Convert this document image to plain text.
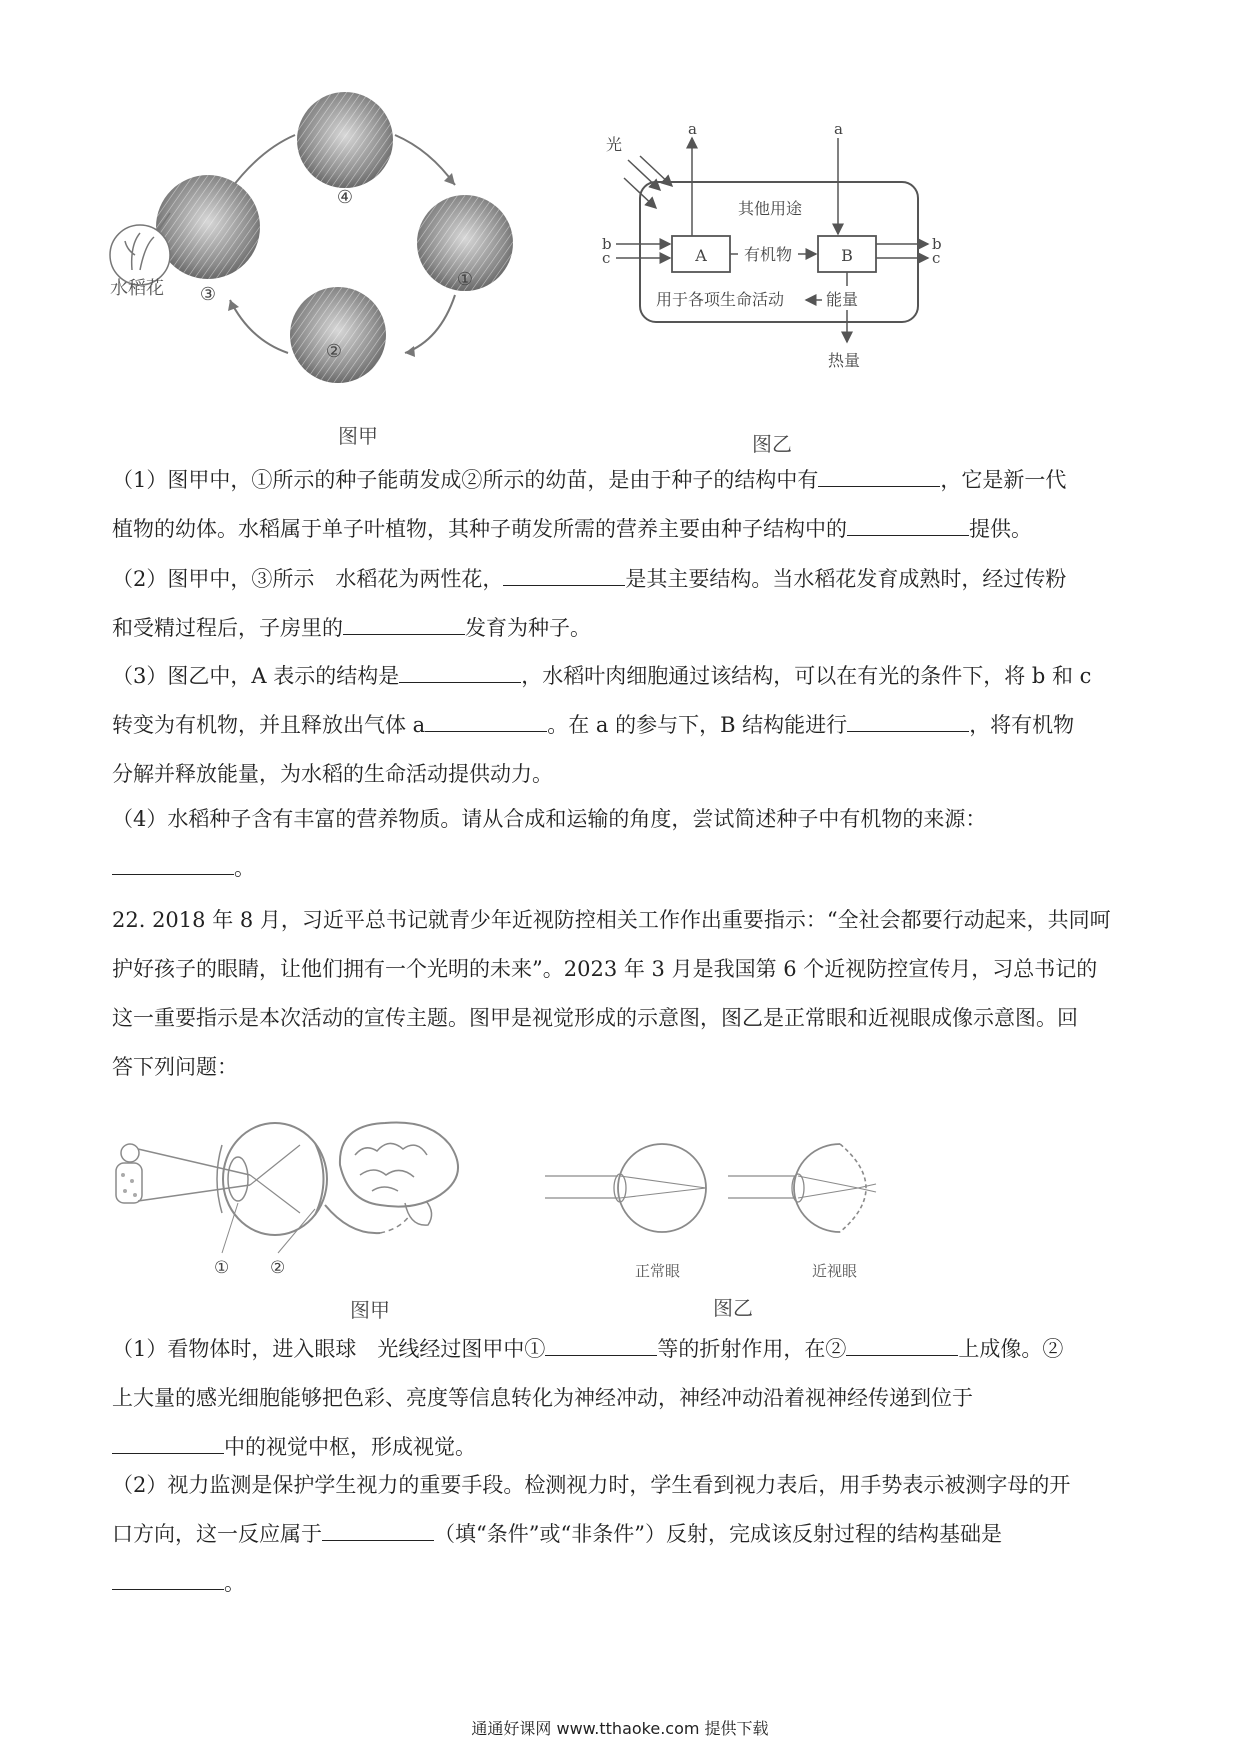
④
③
①
②
水稻花
图甲
A	B
光
a	a
b
c	有机物
其他用途
b
c
能量
用于各项生命活动
热量
图乙
（1）图甲中，①所示的种子能萌发成②所示的幼苗，是由于种子的结构中有	，它是新一代
植物的幼体。水稻属于单子叶植物，其种子萌发所需的营养主要由种子结构中的	提供。
（2）图甲中，③所示　水稻花为两性花，	是其主要结构。当水稻花发育成熟时，经过传粉
和受精过程后，子房里的	发育为种子。
（3）图乙中，A 表示的结构是	，水稻叶肉细胞通过该结构，可以在有光的条件下，将 b 和 c
转变为有机物，并且释放出气体 a	。在 a 的参与下，B 结构能进行	，将有机物
分解并释放能量，为水稻的生命活动提供动力。
（4）水稻种子含有丰富的营养物质。请从合成和运输的角度，尝试简述种子中有机物的来源：
。
22. 2018 年 8 月，习近平总书记就青少年近视防控相关工作作出重要指示：“全社会都要行动起来，共同呵
护好孩子的眼睛，让他们拥有一个光明的未来”。2023 年 3 月是我国第 6 个近视防控宣传月，习总书记的
这一重要指示是本次活动的宣传主题。图甲是视觉形成的示意图，图乙是正常眼和近视眼成像示意图。回
答下列问题：
① ②
图甲
正常眼	近视眼
图乙
（1）看物体时，进入眼球　光线经过图甲中①	等的折射作用，在②	上成像。②
上大量的感光细胞能够把色彩、亮度等信息转化为神经冲动，神经冲动沿着视神经传递到位于
中的视觉中枢，形成视觉。
（2）视力监测是保护学生视力的重要手段。检测视力时，学生看到视力表后，用手势表示被测字母的开
口方向，这一反应属于	（填“条件”或“非条件”）反射，完成该反射过程的结构基础是
。
通通好课网 www.tthaoke.com 提供下载
